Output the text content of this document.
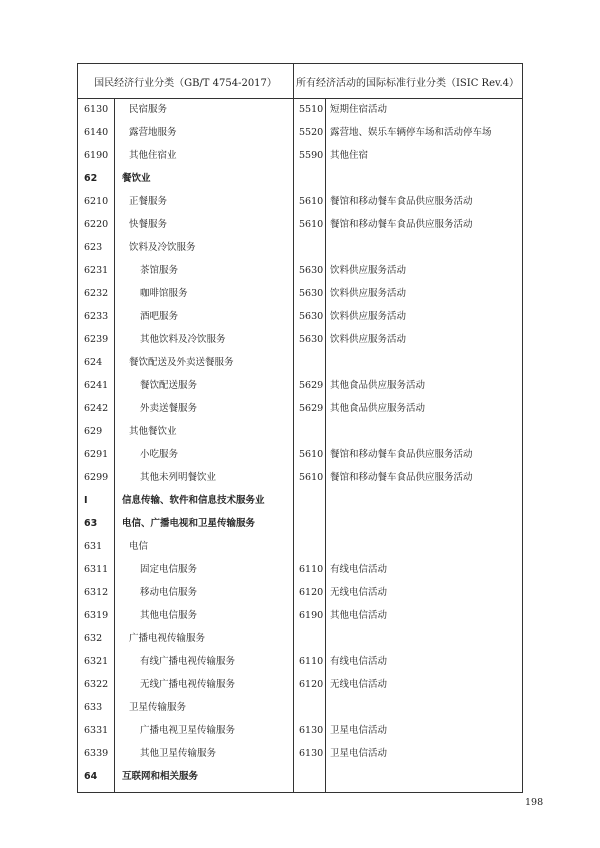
国民经济行业分类（GB/T 4754-2017）	所有经济活动的国际标准行业分类（ISIC Rev.4）
6130 民宿服务	5510 短期住宿活动
6140 露营地服务	5520 露营地、娱乐车辆停车场和活动停车场
6190 其他住宿业	5590 其他住宿
62	餐饮业
6210 正餐服务	5610 餐馆和移动餐车食品供应服务活动
6220 快餐服务	5610 餐馆和移动餐车食品供应服务活动
623	饮料及冷饮服务
6231	茶馆服务	5630 饮料供应服务活动
6232	咖啡馆服务	5630 饮料供应服务活动
6233	酒吧服务	5630 饮料供应服务活动
6239	其他饮料及冷饮服务	5630 饮料供应服务活动
624	餐饮配送及外卖送餐服务
6241	餐饮配送服务	5629 其他食品供应服务活动
6242	外卖送餐服务	5629 其他食品供应服务活动
629	其他餐饮业
6291	小吃服务	5610 餐馆和移动餐车食品供应服务活动
6299	其他未列明餐饮业	5610 餐馆和移动餐车食品供应服务活动
I	信息传输、软件和信息技术服务业
63	电信、广播电视和卫星传输服务
631	电信
6311	固定电信服务	6110 有线电信活动
6312	移动电信服务	6120 无线电信活动
6319	其他电信服务	6190 其他电信活动
632	广播电视传输服务
6321	有线广播电视传输服务	6110 有线电信活动
6322	无线广播电视传输服务	6120 无线电信活动
633	卫星传输服务
6331	广播电视卫星传输服务	6130 卫星电信活动
6339	其他卫星传输服务	6130 卫星电信活动
64	互联网和相关服务
198
